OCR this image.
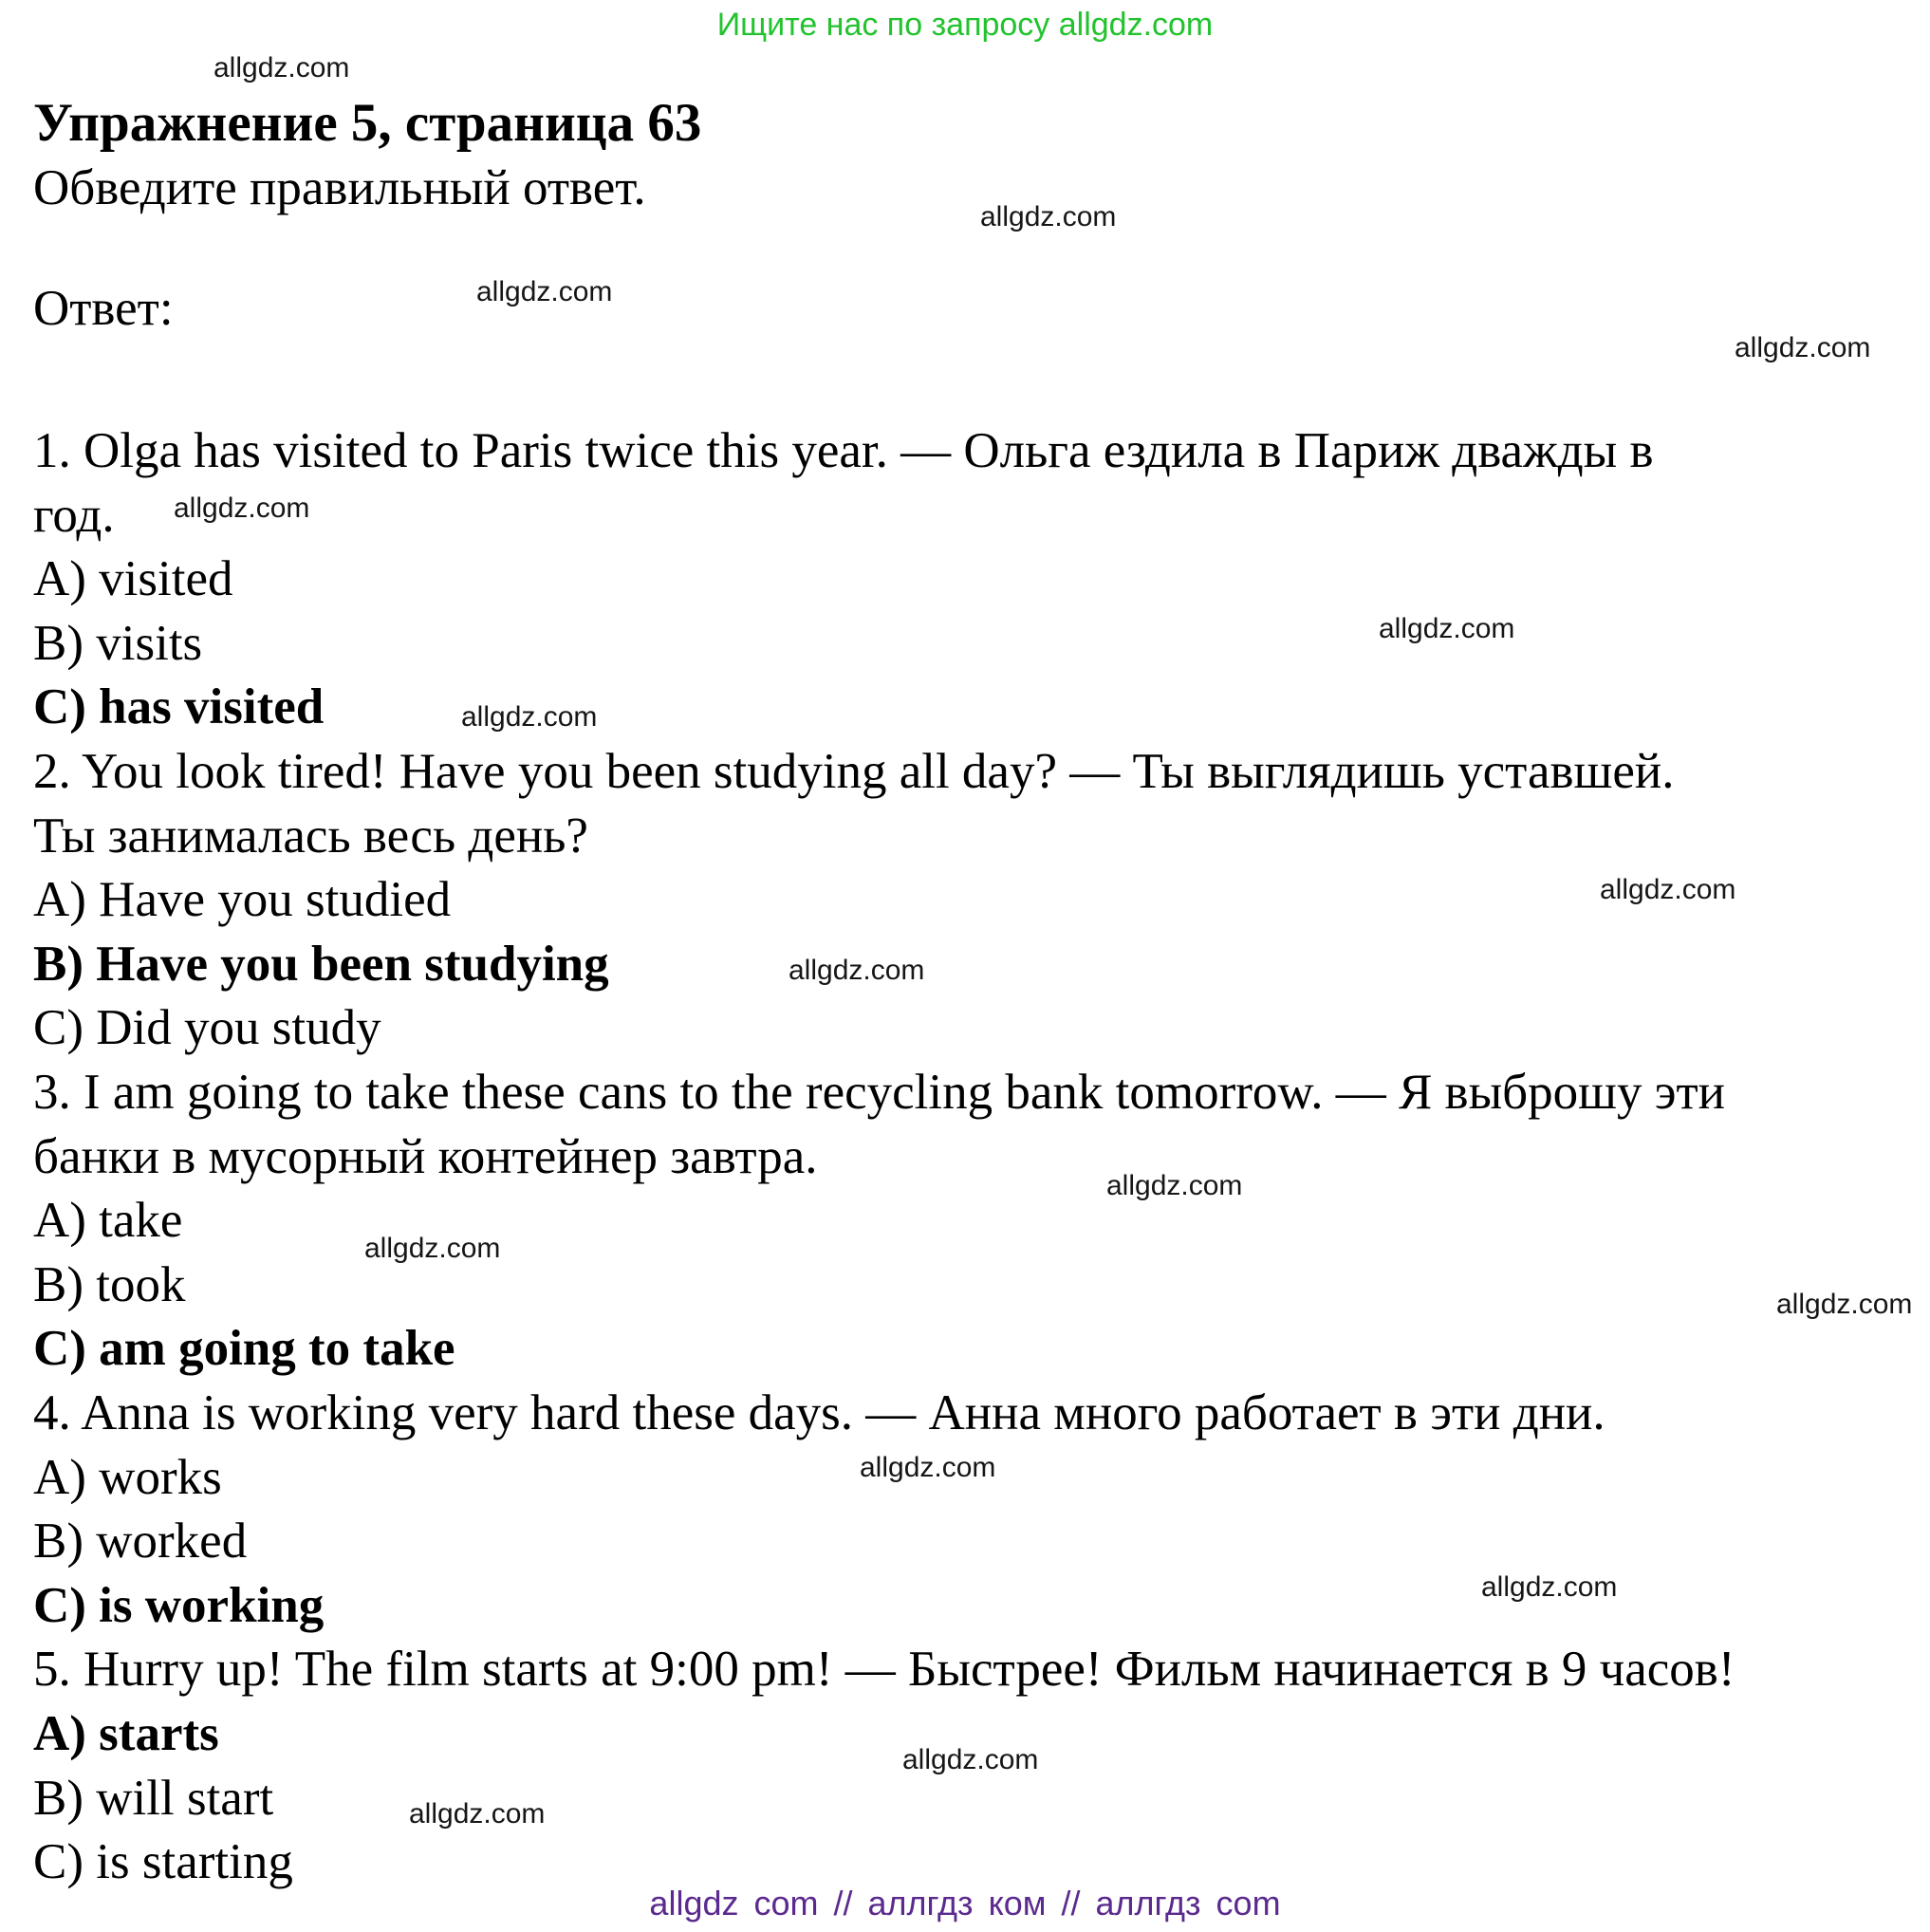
Ищите нас по запросу allgdz.com
Упражнение 5, страница 63
Обведите правильный ответ.
Ответ:
1. Olga has visited to Paris twice this year. — Ольга ездила в Париж дважды в
год.
A) visited
B) visits
C) has visited
2. You look tired! Have you been studying all day? — Ты выглядишь уставшей.
Ты занималась весь день?
A) Have you studied
B) Have you been studying
C) Did you study
3. I am going to take these cans to the recycling bank tomorrow. — Я выброшу эти
банки в мусорный контейнер завтра.
A) take
B) took
C) am going to take
4. Anna is working very hard these days. — Анна много работает в эти дни.
A) works
B) worked
C) is working
5. Hurry up! The film starts at 9:00 pm! — Быстрее! Фильм начинается в 9 часов!
A) starts
B) will start
C) is starting
allgdz.com
allgdz.com
allgdz.com
allgdz.com
allgdz.com
allgdz.com
allgdz.com
allgdz.com
allgdz.com
allgdz.com
allgdz.com
allgdz.com
allgdz.com
allgdz.com
allgdz.com
allgdz.com
allgdz com // аллгдз ком // аллгдз com
